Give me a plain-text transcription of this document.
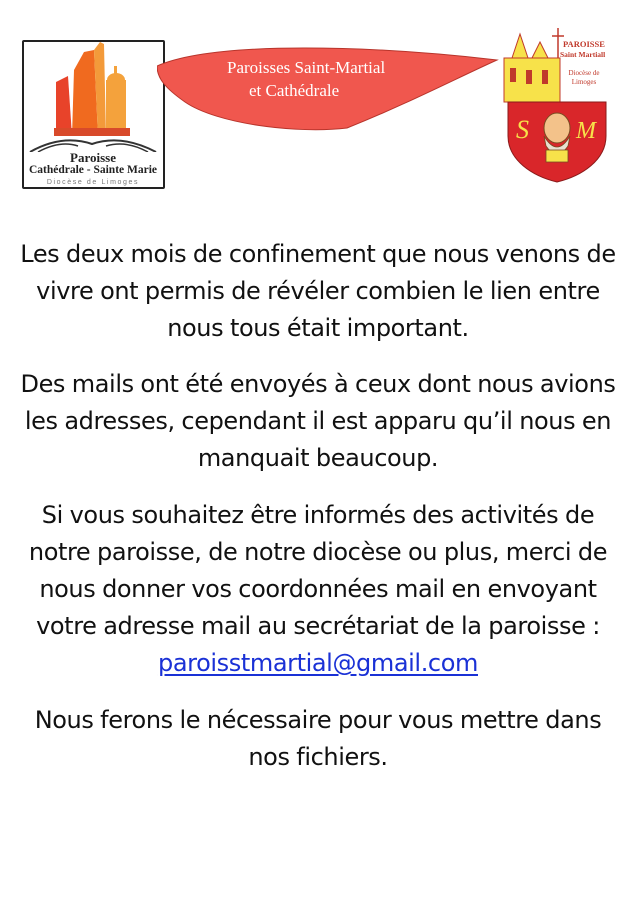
Paroisse
Cathédrale - Sainte Marie
Diocèse de Limoges
Paroisses Saint-Martial
et Cathédrale
S M
PAROISSE
Saint Martiall
Diocèse de Limoges

Les deux mois de confinement que nous venons de vivre ont permis de révéler combien le lien entre nous tous était important.

Des mails ont été envoyés à ceux dont nous avions les adresses, cependant il est apparu qu’il nous en manquait beaucoup.

Si vous souhaitez être informés des activités de notre paroisse, de notre diocèse ou plus, merci de nous donner vos coordonnées mail en envoyant votre adresse mail au secrétariat de la paroisse :
paroisstmartial@gmail.com

Nous ferons le nécessaire pour vous mettre dans nos fichiers.
